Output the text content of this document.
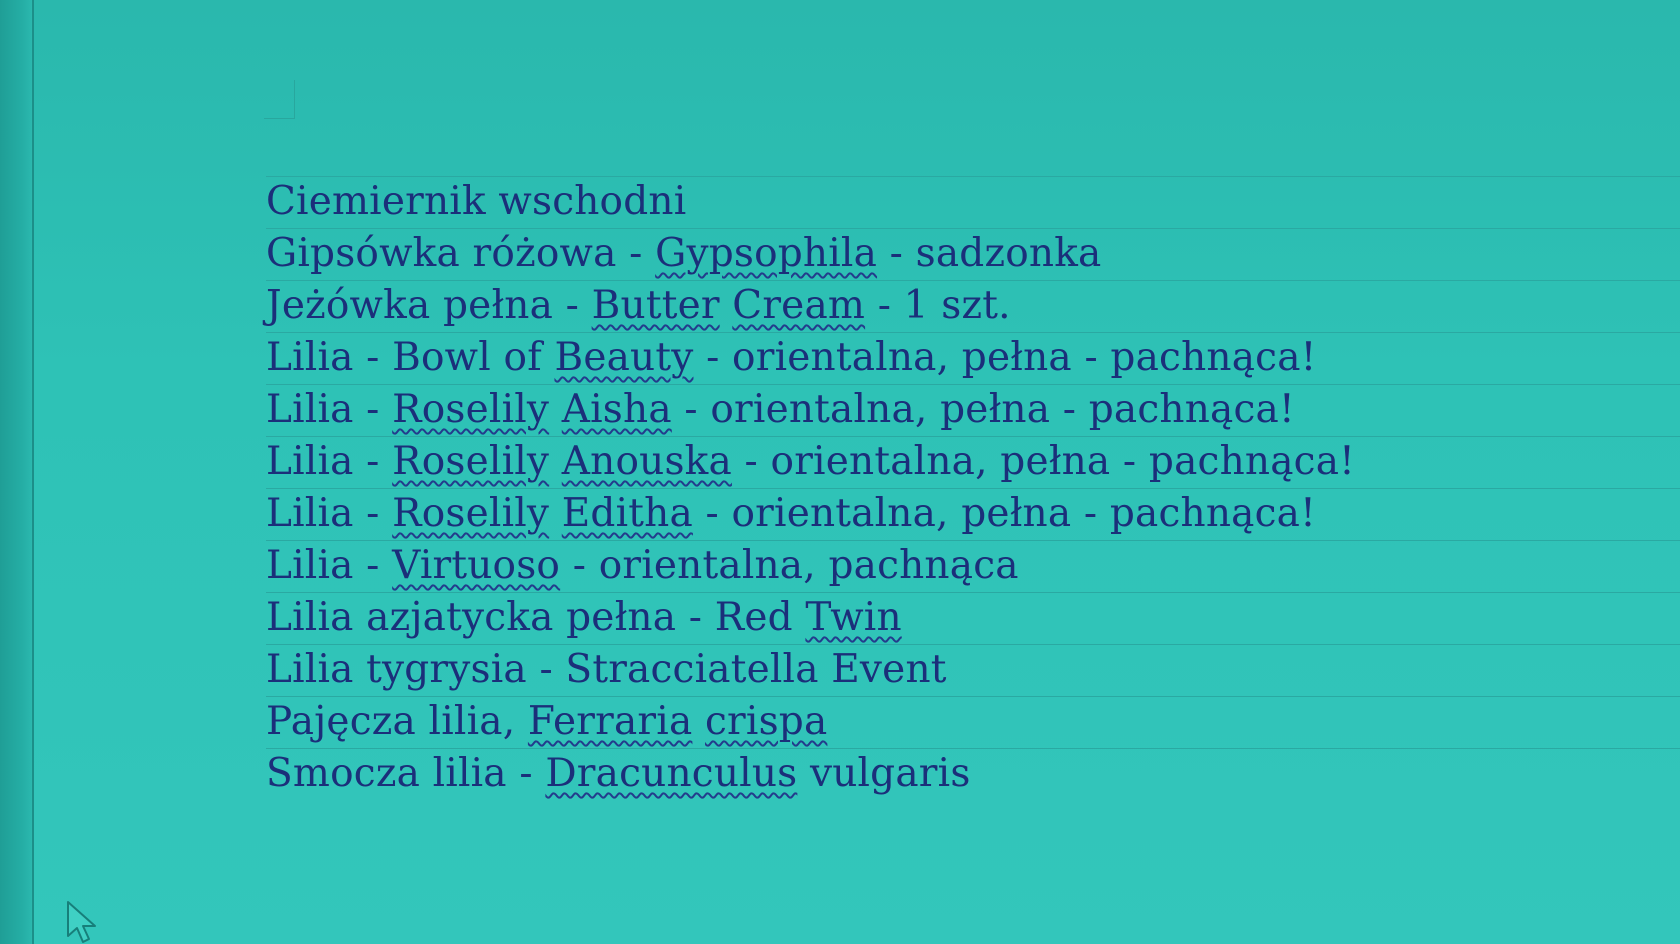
Ciemiernik wschodni
Gipsówka różowa - Gypsophila - sadzonka
Jeżówka pełna - Butter Cream - 1 szt.
Lilia - Bowl of Beauty - orientalna, pełna - pachnąca!
Lilia - Roselily Aisha - orientalna, pełna - pachnąca!
Lilia - Roselily Anouska - orientalna, pełna - pachnąca!
Lilia - Roselily Editha - orientalna, pełna - pachnąca!
Lilia - Virtuoso - orientalna, pachnąca
Lilia azjatycka pełna - Red Twin
Lilia tygrysia - Stracciatella Event
Pajęcza lilia, Ferraria crispa
Smocza lilia - Dracunculus vulgaris
